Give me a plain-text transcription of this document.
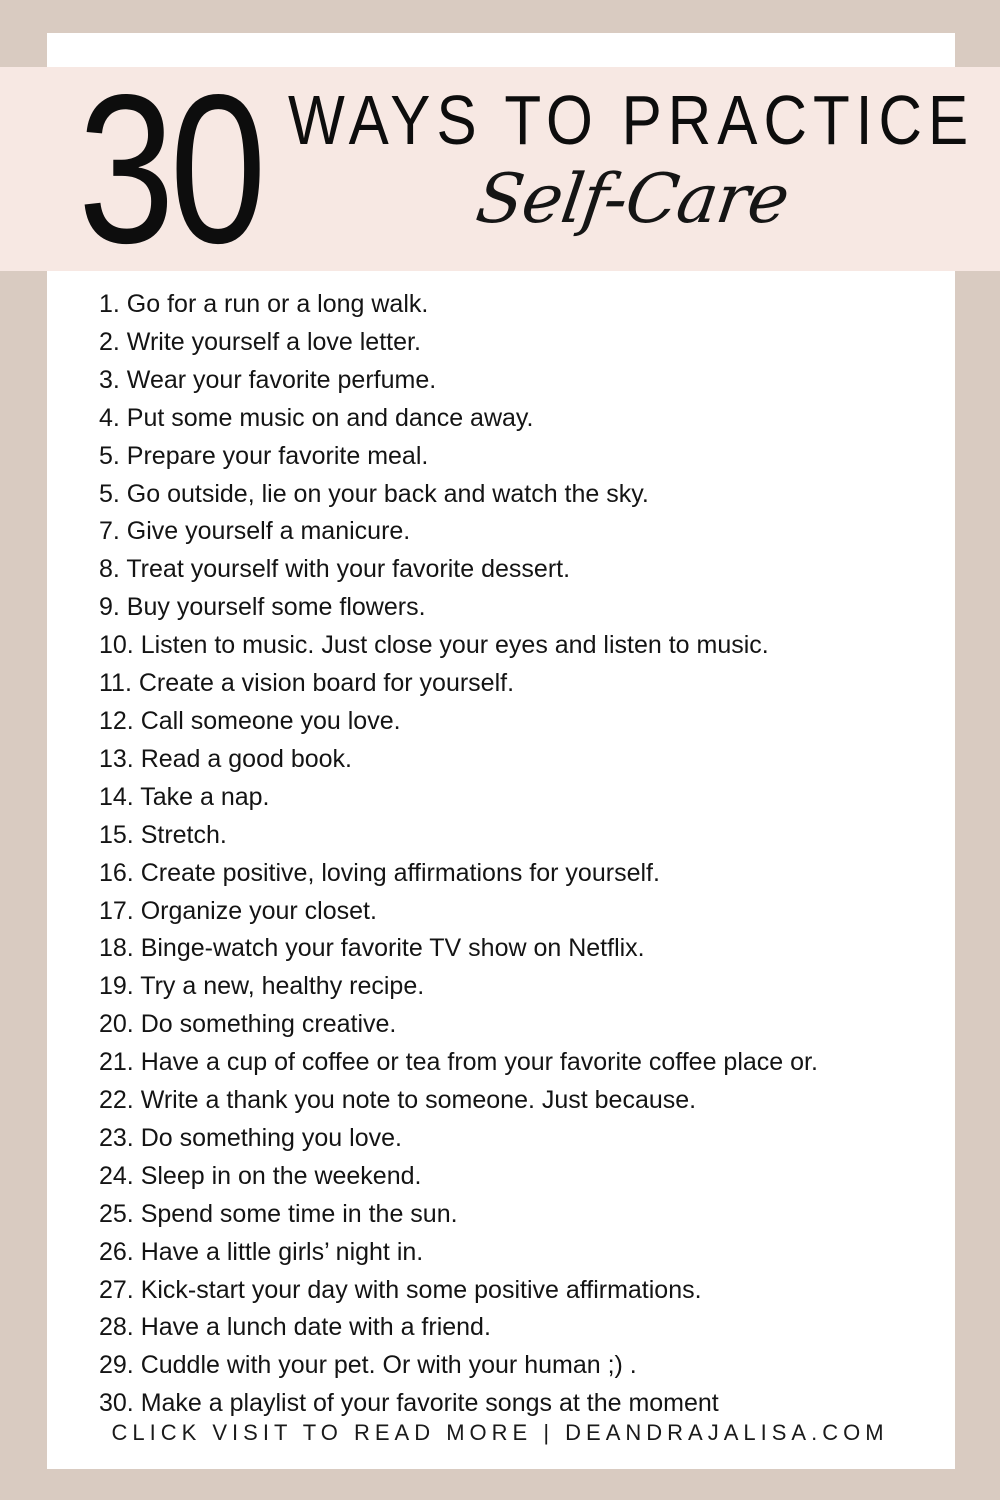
30 WAYS TO PRACTICE
Self-Care
1. Go for a run or a long walk.
2. Write yourself a love letter.
3. Wear your favorite perfume.
4. Put some music on and dance away.
5. Prepare your favorite meal.
5. Go outside, lie on your back and watch the sky.
7. Give yourself a manicure.
8. Treat yourself with your favorite dessert.
9. Buy yourself some flowers.
10. Listen to music. Just close your eyes and listen to music.
11. Create a vision board for yourself.
12. Call someone you love.
13. Read a good book.
14. Take a nap.
15. Stretch.
16. Create positive, loving affirmations for yourself.
17. Organize your closet.
18. Binge-watch your favorite TV show on Netflix.
19. Try a new, healthy recipe.
20. Do something creative.
21. Have a cup of coffee or tea from your favorite coffee place or.
22. Write a thank you note to someone. Just because.
23. Do something you love.
24. Sleep in on the weekend.
25. Spend some time in the sun.
26. Have a little girls’ night in.
27. Kick-start your day with some positive affirmations.
28. Have a lunch date with a friend.
29. Cuddle with your pet. Or with your human ;) .
30. Make a playlist of your favorite songs at the moment
CLICK VISIT TO READ MORE | DEANDRAJALISA.COM
